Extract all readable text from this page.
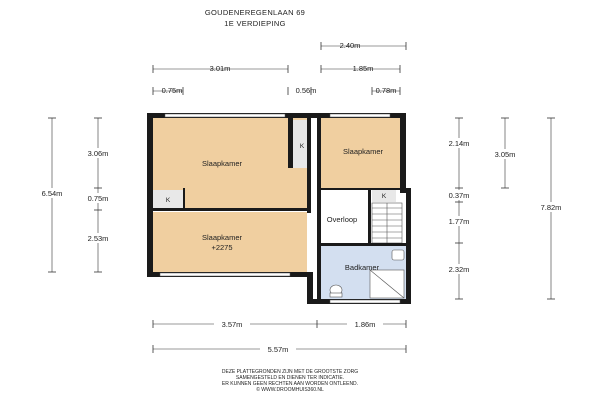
GOUDENEREGENLAAN 69
1E VERDIEPING
Slaapkamer
Slaapkamer
Slaapkamer
+2275
Overloop
Badkamer
K
K
K
2.40m
3.01m	1.85m
0.75m	0.56m	0.78m
6.54m
3.06m
0.75m
2.53m
2.14m
0.37m
1.77m
2.32m
3.05m
7.82m
3.57m	1.86m
5.57m
DEZE PLATTEGRONDEN ZIJN MET DE GROOTSTE ZORG
SAMENGESTELD EN DIENEN TER INDICATIE.
ER KUNNEN GEEN RECHTEN AAN WORDEN ONTLEEND.
© WWW.DROOMHUIS360.NL
